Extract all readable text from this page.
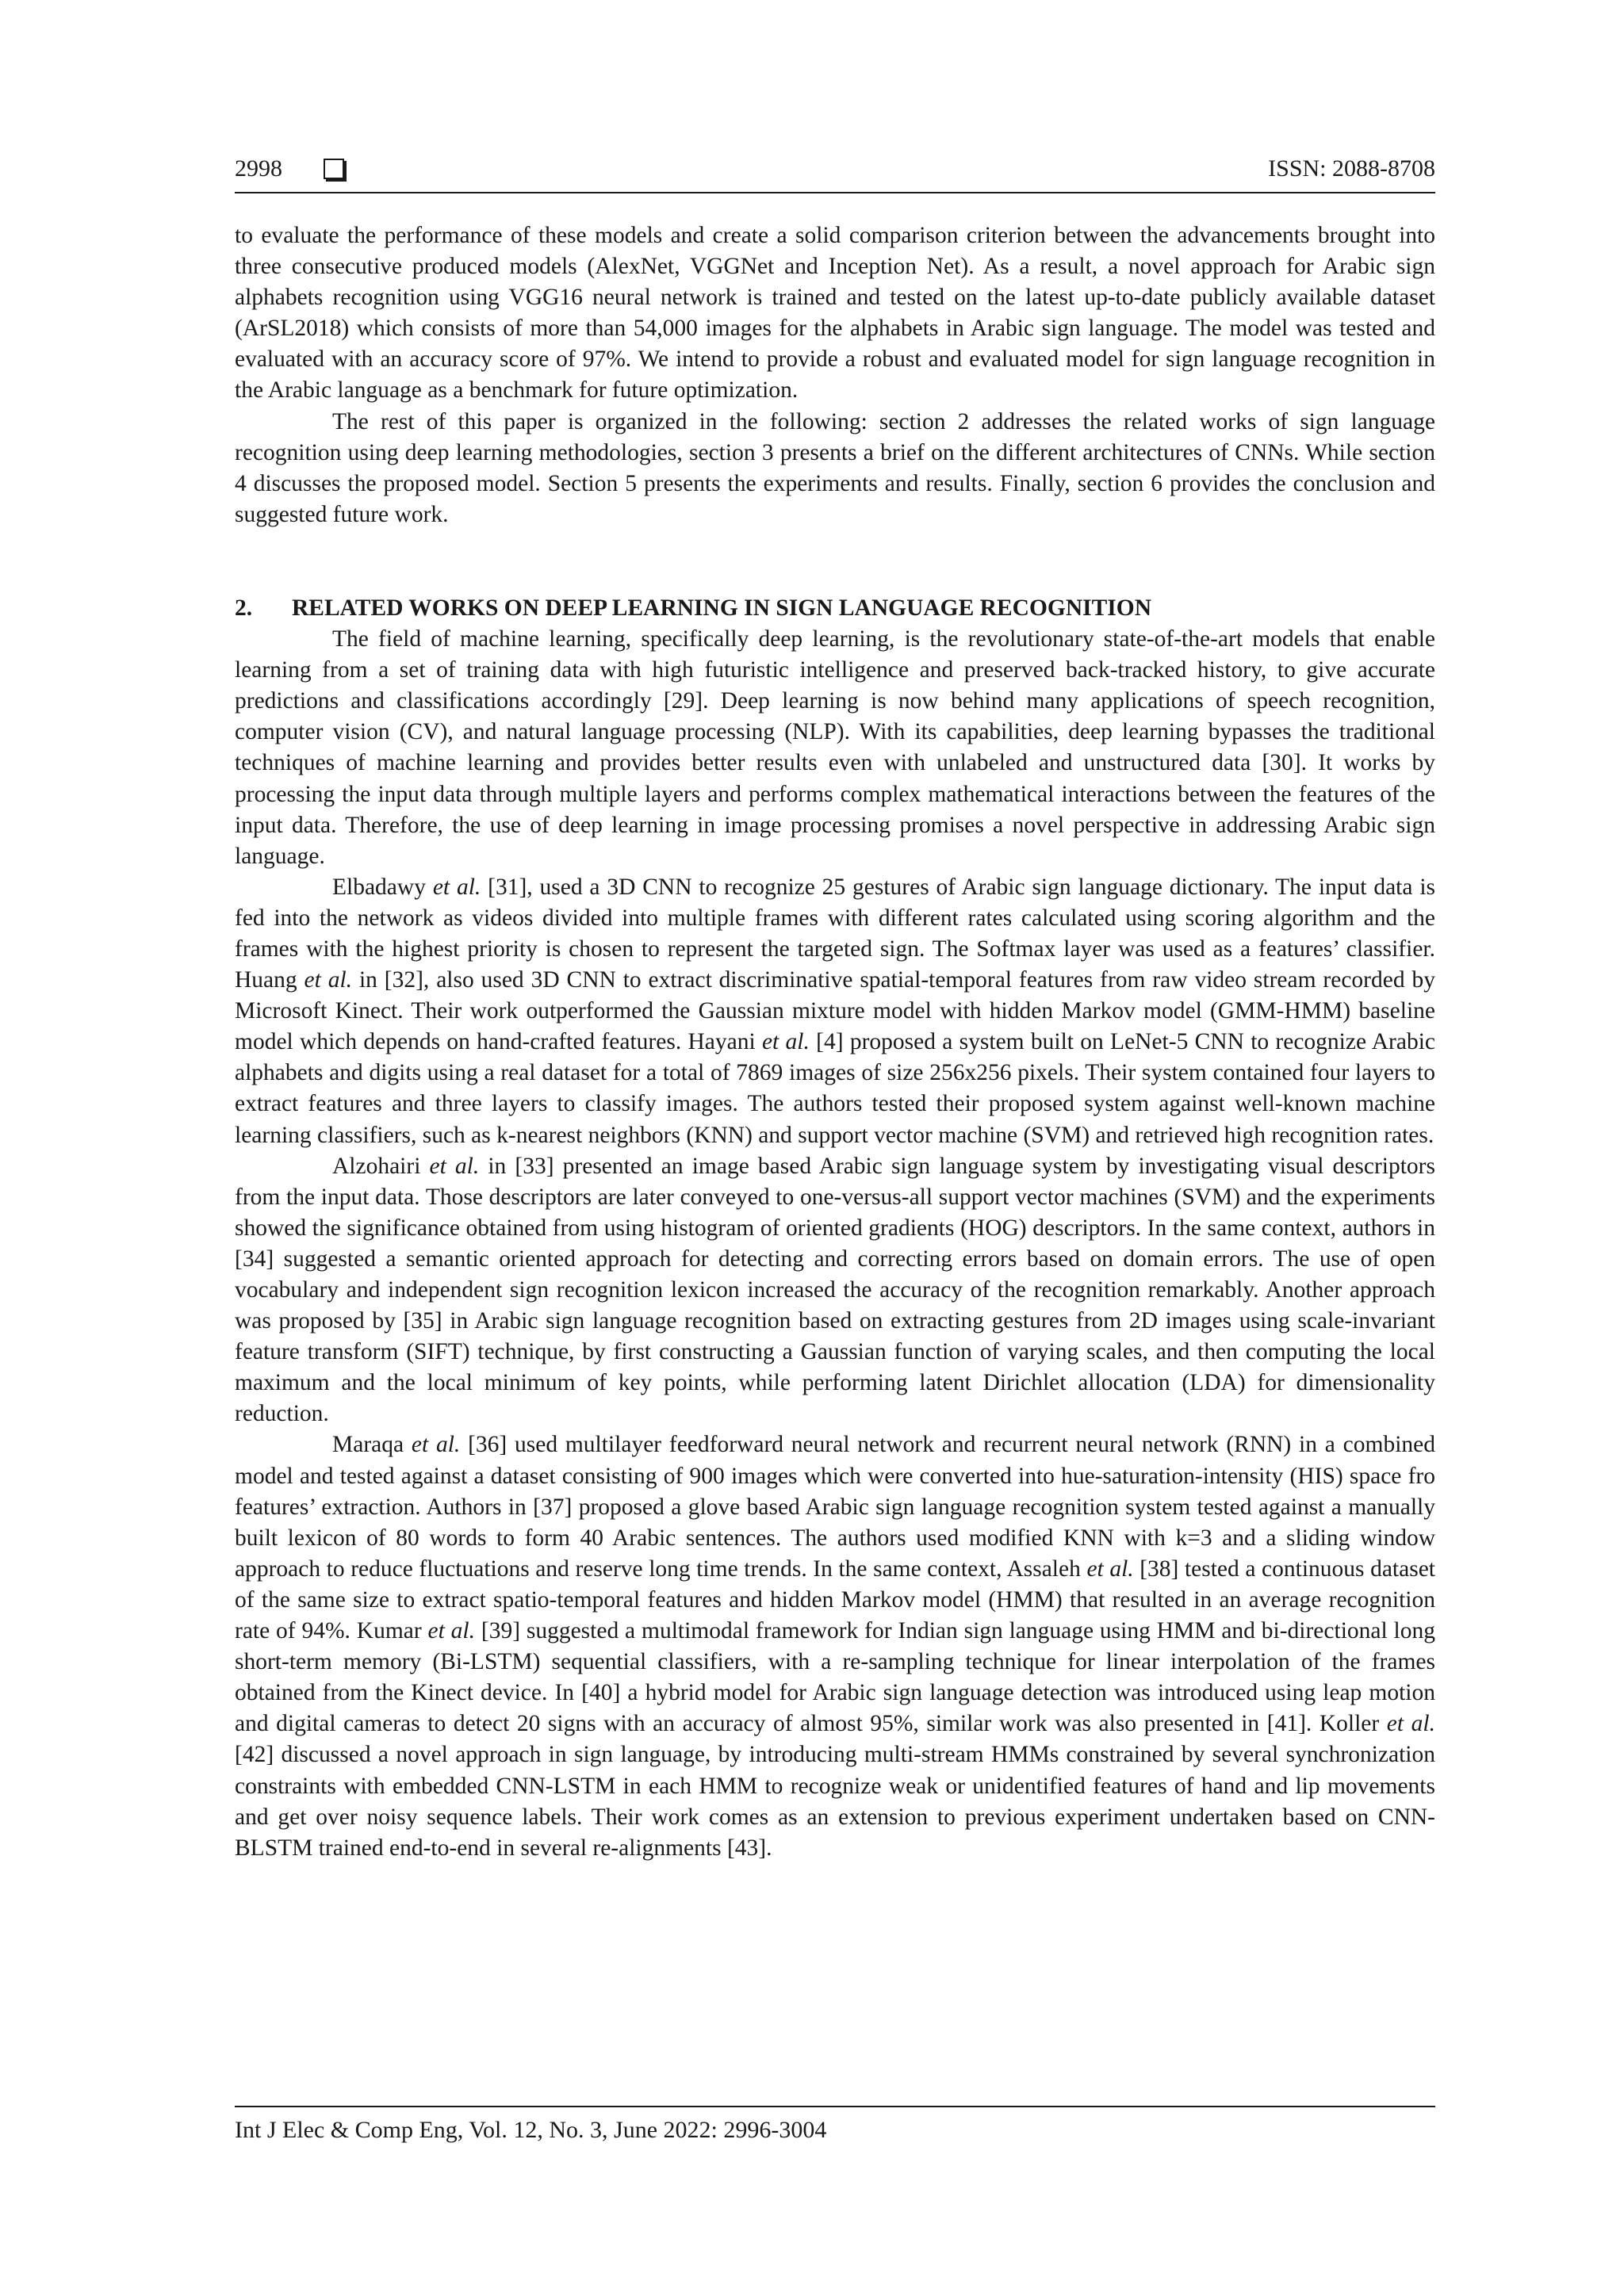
2998	ISSN: 2088-8708

to evaluate the performance of these models and create a solid comparison criterion between the advancements brought into three consecutive produced models (AlexNet, VGGNet and Inception Net). As a result, a novel approach for Arabic sign alphabets recognition using VGG16 neural network is trained and tested on the latest up-to-date publicly available dataset (ArSL2018) which consists of more than 54,000 images for the alphabets in Arabic sign language. The model was tested and evaluated with an accuracy score of 97%. We intend to provide a robust and evaluated model for sign language recognition in the Arabic language as a benchmark for future optimization.

The rest of this paper is organized in the following: section 2 addresses the related works of sign language recognition using deep learning methodologies, section 3 presents a brief on the different architectures of CNNs. While section 4 discusses the proposed model. Section 5 presents the experiments and results. Finally, section 6 provides the conclusion and suggested future work.

2. RELATED WORKS ON DEEP LEARNING IN SIGN LANGUAGE RECOGNITION

The field of machine learning, specifically deep learning, is the revolutionary state-of-the-art models that enable learning from a set of training data with high futuristic intelligence and preserved back-tracked history, to give accurate predictions and classifications accordingly [29]. Deep learning is now behind many applications of speech recognition, computer vision (CV), and natural language processing (NLP). With its capabilities, deep learning bypasses the traditional techniques of machine learning and provides better results even with unlabeled and unstructured data [30]. It works by processing the input data through multiple layers and performs complex mathematical interactions between the features of the input data. Therefore, the use of deep learning in image processing promises a novel perspective in addressing Arabic sign language.

Elbadawy et al. [31], used a 3D CNN to recognize 25 gestures of Arabic sign language dictionary. The input data is fed into the network as videos divided into multiple frames with different rates calculated using scoring algorithm and the frames with the highest priority is chosen to represent the targeted sign. The Softmax layer was used as a features’ classifier. Huang et al. in [32], also used 3D CNN to extract discriminative spatial-temporal features from raw video stream recorded by Microsoft Kinect. Their work outperformed the Gaussian mixture model with hidden Markov model (GMM-HMM) baseline model which depends on hand-crafted features. Hayani et al. [4] proposed a system built on LeNet-5 CNN to recognize Arabic alphabets and digits using a real dataset for a total of 7869 images of size 256x256 pixels. Their system contained four layers to extract features and three layers to classify images. The authors tested their proposed system against well-known machine learning classifiers, such as k-nearest neighbors (KNN) and support vector machine (SVM) and retrieved high recognition rates.

Alzohairi et al. in [33] presented an image based Arabic sign language system by investigating visual descriptors from the input data. Those descriptors are later conveyed to one-versus-all support vector machines (SVM) and the experiments showed the significance obtained from using histogram of oriented gradients (HOG) descriptors. In the same context, authors in [34] suggested a semantic oriented approach for detecting and correcting errors based on domain errors. The use of open vocabulary and independent sign recognition lexicon increased the accuracy of the recognition remarkably. Another approach was proposed by [35] in Arabic sign language recognition based on extracting gestures from 2D images using scale-invariant feature transform (SIFT) technique, by first constructing a Gaussian function of varying scales, and then computing the local maximum and the local minimum of key points, while performing latent Dirichlet allocation (LDA) for dimensionality reduction.

Maraqa et al. [36] used multilayer feedforward neural network and recurrent neural network (RNN) in a combined model and tested against a dataset consisting of 900 images which were converted into hue-saturation-intensity (HIS) space fro features’ extraction. Authors in [37] proposed a glove based Arabic sign language recognition system tested against a manually built lexicon of 80 words to form 40 Arabic sentences. The authors used modified KNN with k=3 and a sliding window approach to reduce fluctuations and reserve long time trends. In the same context, Assaleh et al. [38] tested a continuous dataset of the same size to extract spatio-temporal features and hidden Markov model (HMM) that resulted in an average recognition rate of 94%. Kumar et al. [39] suggested a multimodal framework for Indian sign language using HMM and bi-directional long short-term memory (Bi-LSTM) sequential classifiers, with a re-sampling technique for linear interpolation of the frames obtained from the Kinect device. In [40] a hybrid model for Arabic sign language detection was introduced using leap motion and digital cameras to detect 20 signs with an accuracy of almost 95%, similar work was also presented in [41]. Koller et al. [42] discussed a novel approach in sign language, by introducing multi-stream HMMs constrained by several synchronization constraints with embedded CNN-LSTM in each HMM to recognize weak or unidentified features of hand and lip movements and get over noisy sequence labels. Their work comes as an extension to previous experiment undertaken based on CNN-BLSTM trained end-to-end in several re-alignments [43].

Int J Elec & Comp Eng, Vol. 12, No. 3, June 2022: 2996-3004
